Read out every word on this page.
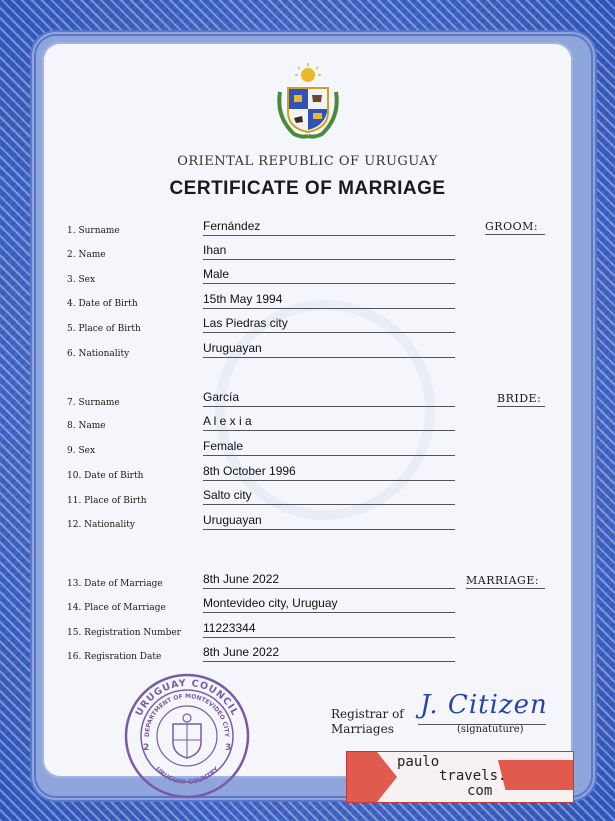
ORIENTAL REPUBLIC OF URUGUAY
CERTIFICATE OF MARRIAGE
GROOM:
1. Surname	Fernández
2. Name	Ihan
3. Sex	Male
4. Date of Birth	15th May 1994
5. Place of Birth	Las Piedras city
6. Nationality	Uruguayan
BRIDE:
7. Surname	García
8. Name	A l e x i a
9. Sex	Female
10. Date of Birth	8th October 1996
11. Place of Birth	Salto city
12. Nationality	Uruguayan
MARRIAGE:
13. Date of Marriage	8th June 2022
14. Place of Marriage	Montevideo city, Uruguay
15. Registration Number 11223344
16. Regisration Date	8th June 2022
URUGUAY COUNCIL
DEPARTMENT OF MONTEVIDEO CITY
URUGUAY COUNTRY
2	3
Registrar of
Marriages
J. Citizen
(signatuture)
paulo
travels.
com
